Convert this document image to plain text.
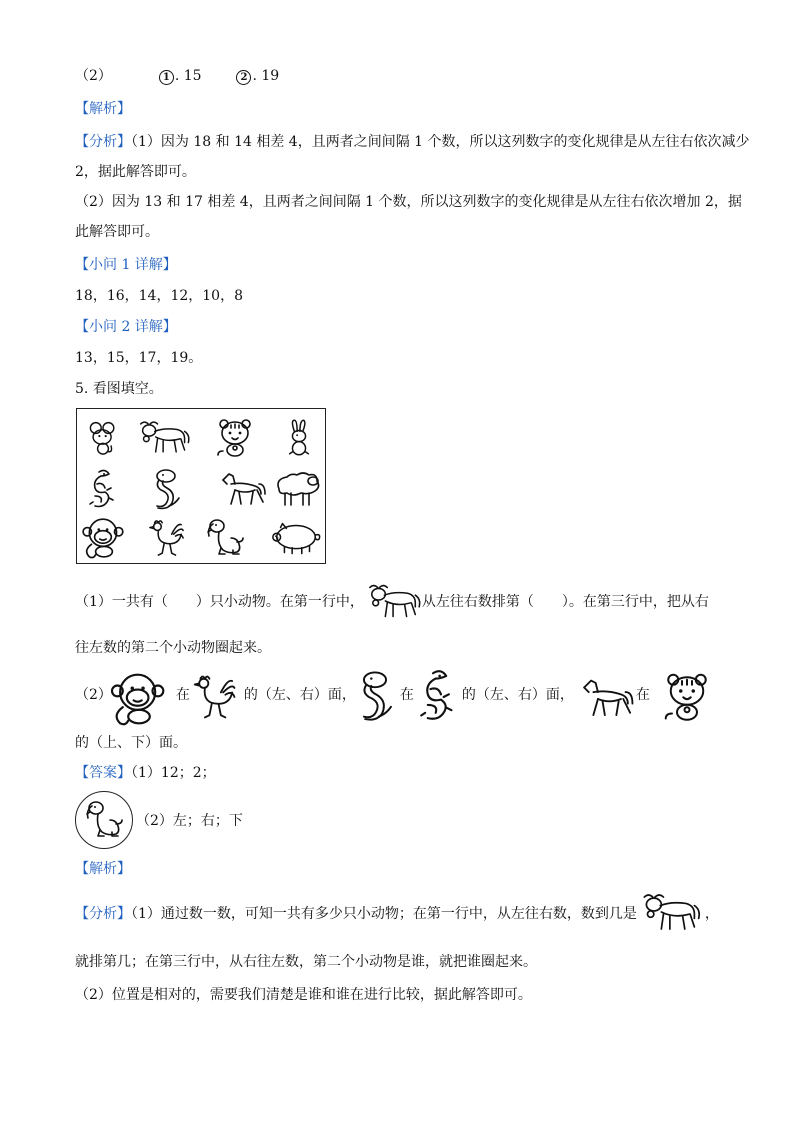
（2）	1 . 15	2 . 19
【解析】
【分析】（1）因为 18 和 14 相差 4，且两者之间间隔 1 个数，所以这列数字的变化规律是从左往右依次减少
2，据此解答即可。
（2）因为 13 和 17 相差 4，且两者之间间隔 1 个数，所以这列数字的变化规律是从左往右依次增加 2，据
此解答即可。
【小问 1 详解】
18，16，14，12，10，8
【小问 2 详解】
13，15，17，19。
5. 看图填空。
（1）一共有（　　）只小动物。在第一行中，	从左往右数排第（　　）。在第三行中，把从右
往左数的第二个小动物圈起来。
（2）	在	的（左、右）面，	在	的（左、右）面，	在
的（上、下）面。
【答案】（1）12；2；
（2）左；右；下
【解析】
【分析】（1）通过数一数，可知一共有多少只小动物；在第一行中，从左往右数，数到几是	，
就排第几；在第三行中，从右往左数，第二个小动物是谁，就把谁圈起来。
（2）位置是相对的，需要我们清楚是谁和谁在进行比较，据此解答即可。
